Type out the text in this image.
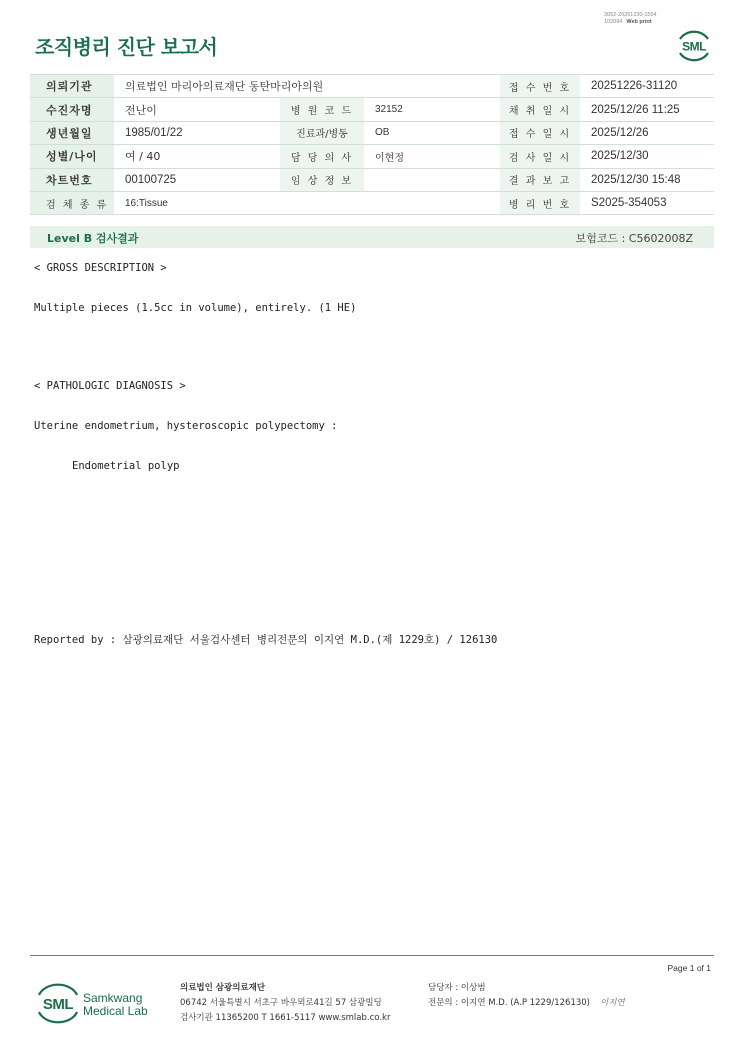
3052-20251230-1554
102094 Web print
조직병리 진단 보고서	SML
의뢰기관	의료법인 마리아의료재단 동탄마리아의원			접 수 번 호	20251226-31120
수진자명	전난이	병 원 코 드	32152	채 취 일 시	2025/12/26 11:25
생년월일	1985/01/22	진료과/병동	OB	접 수 일 시	2025/12/26
성별/나이	여 / 40	담 당 의 사	이현정	검 사 일 시	2025/12/30
차트번호	00100725	임 상 정 보		결 과 보 고	2025/12/30 15:48
검 체 종 류	16:Tissue			병 리 번 호	S2025-354053
Level B 검사결과	보험코드 : C5602008Z
< GROSS DESCRIPTION >
Multiple pieces (1.5cc in volume), entirely. (1 HE)
< PATHOLOGIC DIAGNOSIS >
Uterine endometrium, hysteroscopic polypectomy :
Endometrial polyp
Reported by : 삼광의료재단 서울검사센터 병리전문의 이지연 M.D.(제 1229호) / 126130
Page 1 of 1
SML Samkwang
Medical Lab
의료법인 삼광의료재단
06742 서울특별시 서초구 바우뫼로41길 57 삼광빌딩
검사기관 11365200 T 1661-5117 www.smlab.co.kr
담당자 : 이상범
전문의 : 이지연 M.D. (A.P 1229/126130) 이지연
